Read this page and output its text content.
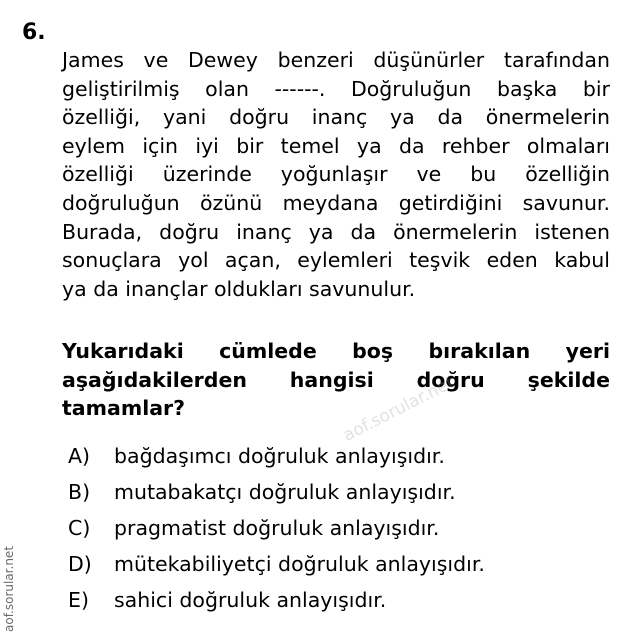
6.
James ve Dewey benzeri düşünürler tarafından
geliştirilmiş olan ------. Doğruluğun başka bir
özelliği, yani doğru inanç ya da önermelerin
eylem için iyi bir temel ya da rehber olmaları
özelliği üzerinde yoğunlaşır ve bu özelliğin
doğruluğun özünü meydana getirdiğini savunur.
Burada, doğru inanç ya da önermelerin istenen
sonuçlara yol açan, eylemleri teşvik eden kabul
ya da inançlar oldukları savunulur.
Yukarıdaki cümlede boş bırakılan yeri
aşağıdakilerden hangisi doğru şekilde
tamamlar?	aof.sorular.net
A)	bağdaşımcı doğruluk anlayışıdır.
B)	mutabakatçı doğruluk anlayışıdır.
C)	pragmatist doğruluk anlayışıdır.
D)	mütekabiliyetçi doğruluk anlayışıdır.
E)	sahici doğruluk anlayışıdır.
aof.sorular.net
